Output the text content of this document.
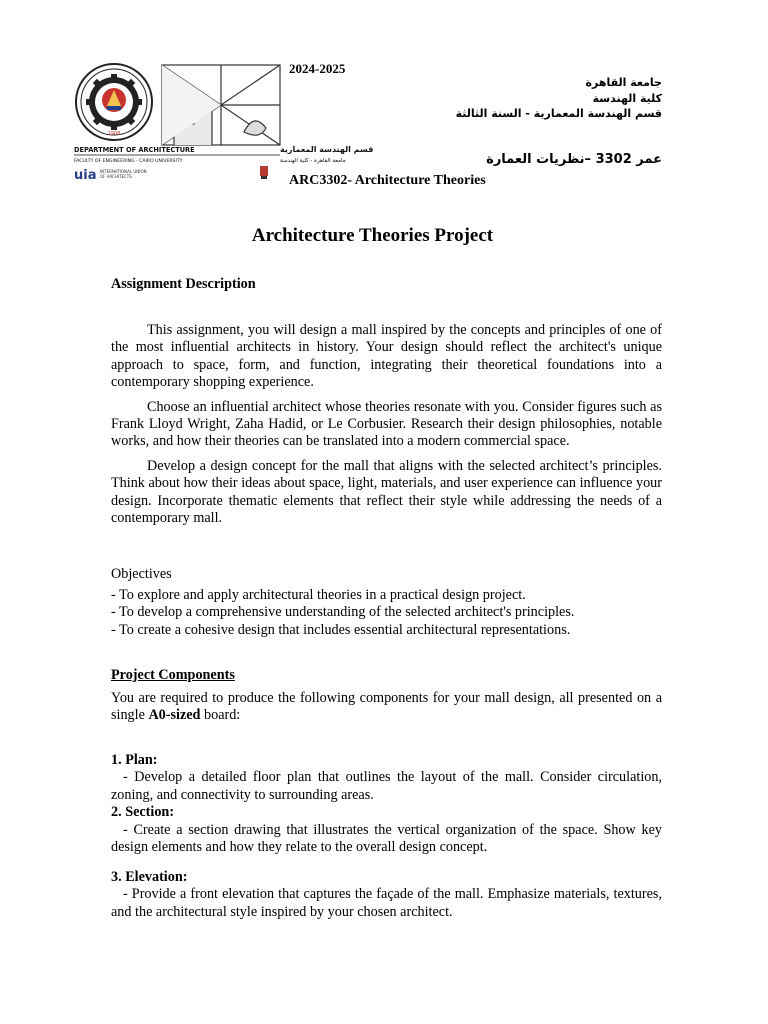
1908
DEPARTMENT OF ARCHITECTURE	قسم الهندسة المعمارية
FACULTY OF ENGINEERING - CAIRO UNIVERSITY	جامعة القاهرة - كلية الهندسة
uia INTERNATIONAL UNION
OF ARCHITECTS
2024-2025
جامعة القاهرة
كلية الهندسة
قسم الهندسة المعمارية - السنة الثالثة
عمر 3302 –نظريات العمارة
ARC3302- Architecture Theories
Architecture Theories Project
Assignment Description

This assignment, you will design a mall inspired by the concepts and principles of one of the most influential architects in history. Your design should reflect the architect's unique approach to space, form, and function, integrating their theoretical foundations into a contemporary shopping experience.

Choose an influential architect whose theories resonate with you. Consider figures such as Frank Lloyd Wright, Zaha Hadid, or Le Corbusier. Research their design philosophies, notable works, and how their theories can be translated into a modern commercial space.

Develop a design concept for the mall that aligns with the selected architect’s principles. Think about how their ideas about space, light, materials, and user experience can influence your design. Incorporate thematic elements that reflect their style while addressing the needs of a contemporary mall.

Objectives

- To explore and apply architectural theories in a practical design project.

- To develop a comprehensive understanding of the selected architect's principles.

- To create a cohesive design that includes essential architectural representations.

Project Components

You are required to produce the following components for your mall design, all presented on a single A0-sized board:

1. Plan:

- Develop a detailed floor plan that outlines the layout of the mall. Consider circulation, zoning, and connectivity to surrounding areas.

2. Section:

- Create a section drawing that illustrates the vertical organization of the space. Show key design elements and how they relate to the overall design concept.

3. Elevation:

- Provide a front elevation that captures the façade of the mall. Emphasize materials, textures, and the architectural style inspired by your chosen architect.
